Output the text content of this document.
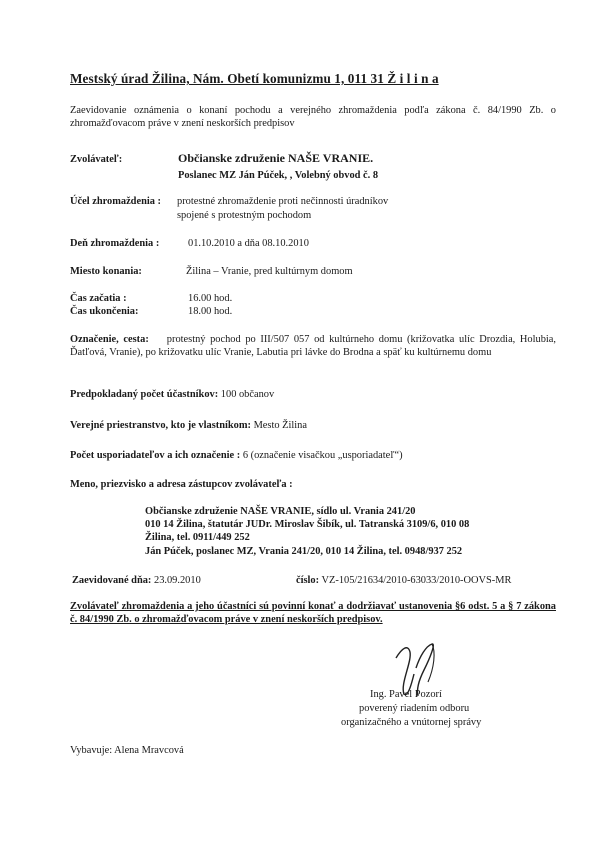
Mestský úrad Žilina, Nám. Obetí komunizmu 1, 011 31 Ž i l i n a
Zaevidovanie oznámenia o konaní pochodu a verejného zhromaždenia podľa zákona č. 84/1990 Zb. o zhromažďovacom práve v znení neskorších predpisov
Zvolávateľ:	Občianske združenie NAŠE VRANIE.
Poslanec MZ Ján Púček, , Volebný obvod č. 8
Účel zhromaždenia : protestné zhromaždenie proti nečinnosti úradníkov
spojené s protestným pochodom
Deň zhromaždenia :	01.10.2010 a dňa 08.10.2010
Miesto konania:	Žilina – Vranie, pred kultúrnym domom
Čas začatia :	16.00 hod.
Čas ukončenia:	18.00 hod.
Označenie, cesta: protestný pochod po III/507 057 od kultúrneho domu (križovatka ulíc Drozdia, Holubia, Ďatľová, Vranie), po križovatku ulíc Vranie, Labutia pri lávke do Brodna a späť ku kultúrnemu domu
Predpokladaný počet účastníkov: 100 občanov
Verejné priestranstvo, kto je vlastníkom: Mesto Žilina
Počet usporiadateľov a ich označenie : 6 (označenie visačkou „usporiadateľ“)
Meno, priezvisko a adresa zástupcov zvolávateľa :
Občianske združenie NAŠE VRANIE, sídlo ul. Vrania 241/20
010 14 Žilina, štatutár JUDr. Miroslav Šibík, ul. Tatranská 3109/6, 010 08
Žilina, tel. 0911/449 252
Ján Púček, poslanec MZ, Vrania 241/20, 010 14 Žilina, tel. 0948/937 252
Zaevidované dňa: 23.09.2010	číslo: VZ-105/21634/2010-63033/2010-OOVS-MR
Zvolávateľ zhromaždenia a jeho účastníci sú povinní konať a dodržiavať ustanovenia §6 odst. 5 a § 7 zákona č. 84/1990 Zb. o zhromažďovacom práve v znení neskorších predpisov.
Ing. Pavel Pozorí
poverený riadením odboru
organizačného a vnútornej správy
Vybavuje: Alena Mravcová
